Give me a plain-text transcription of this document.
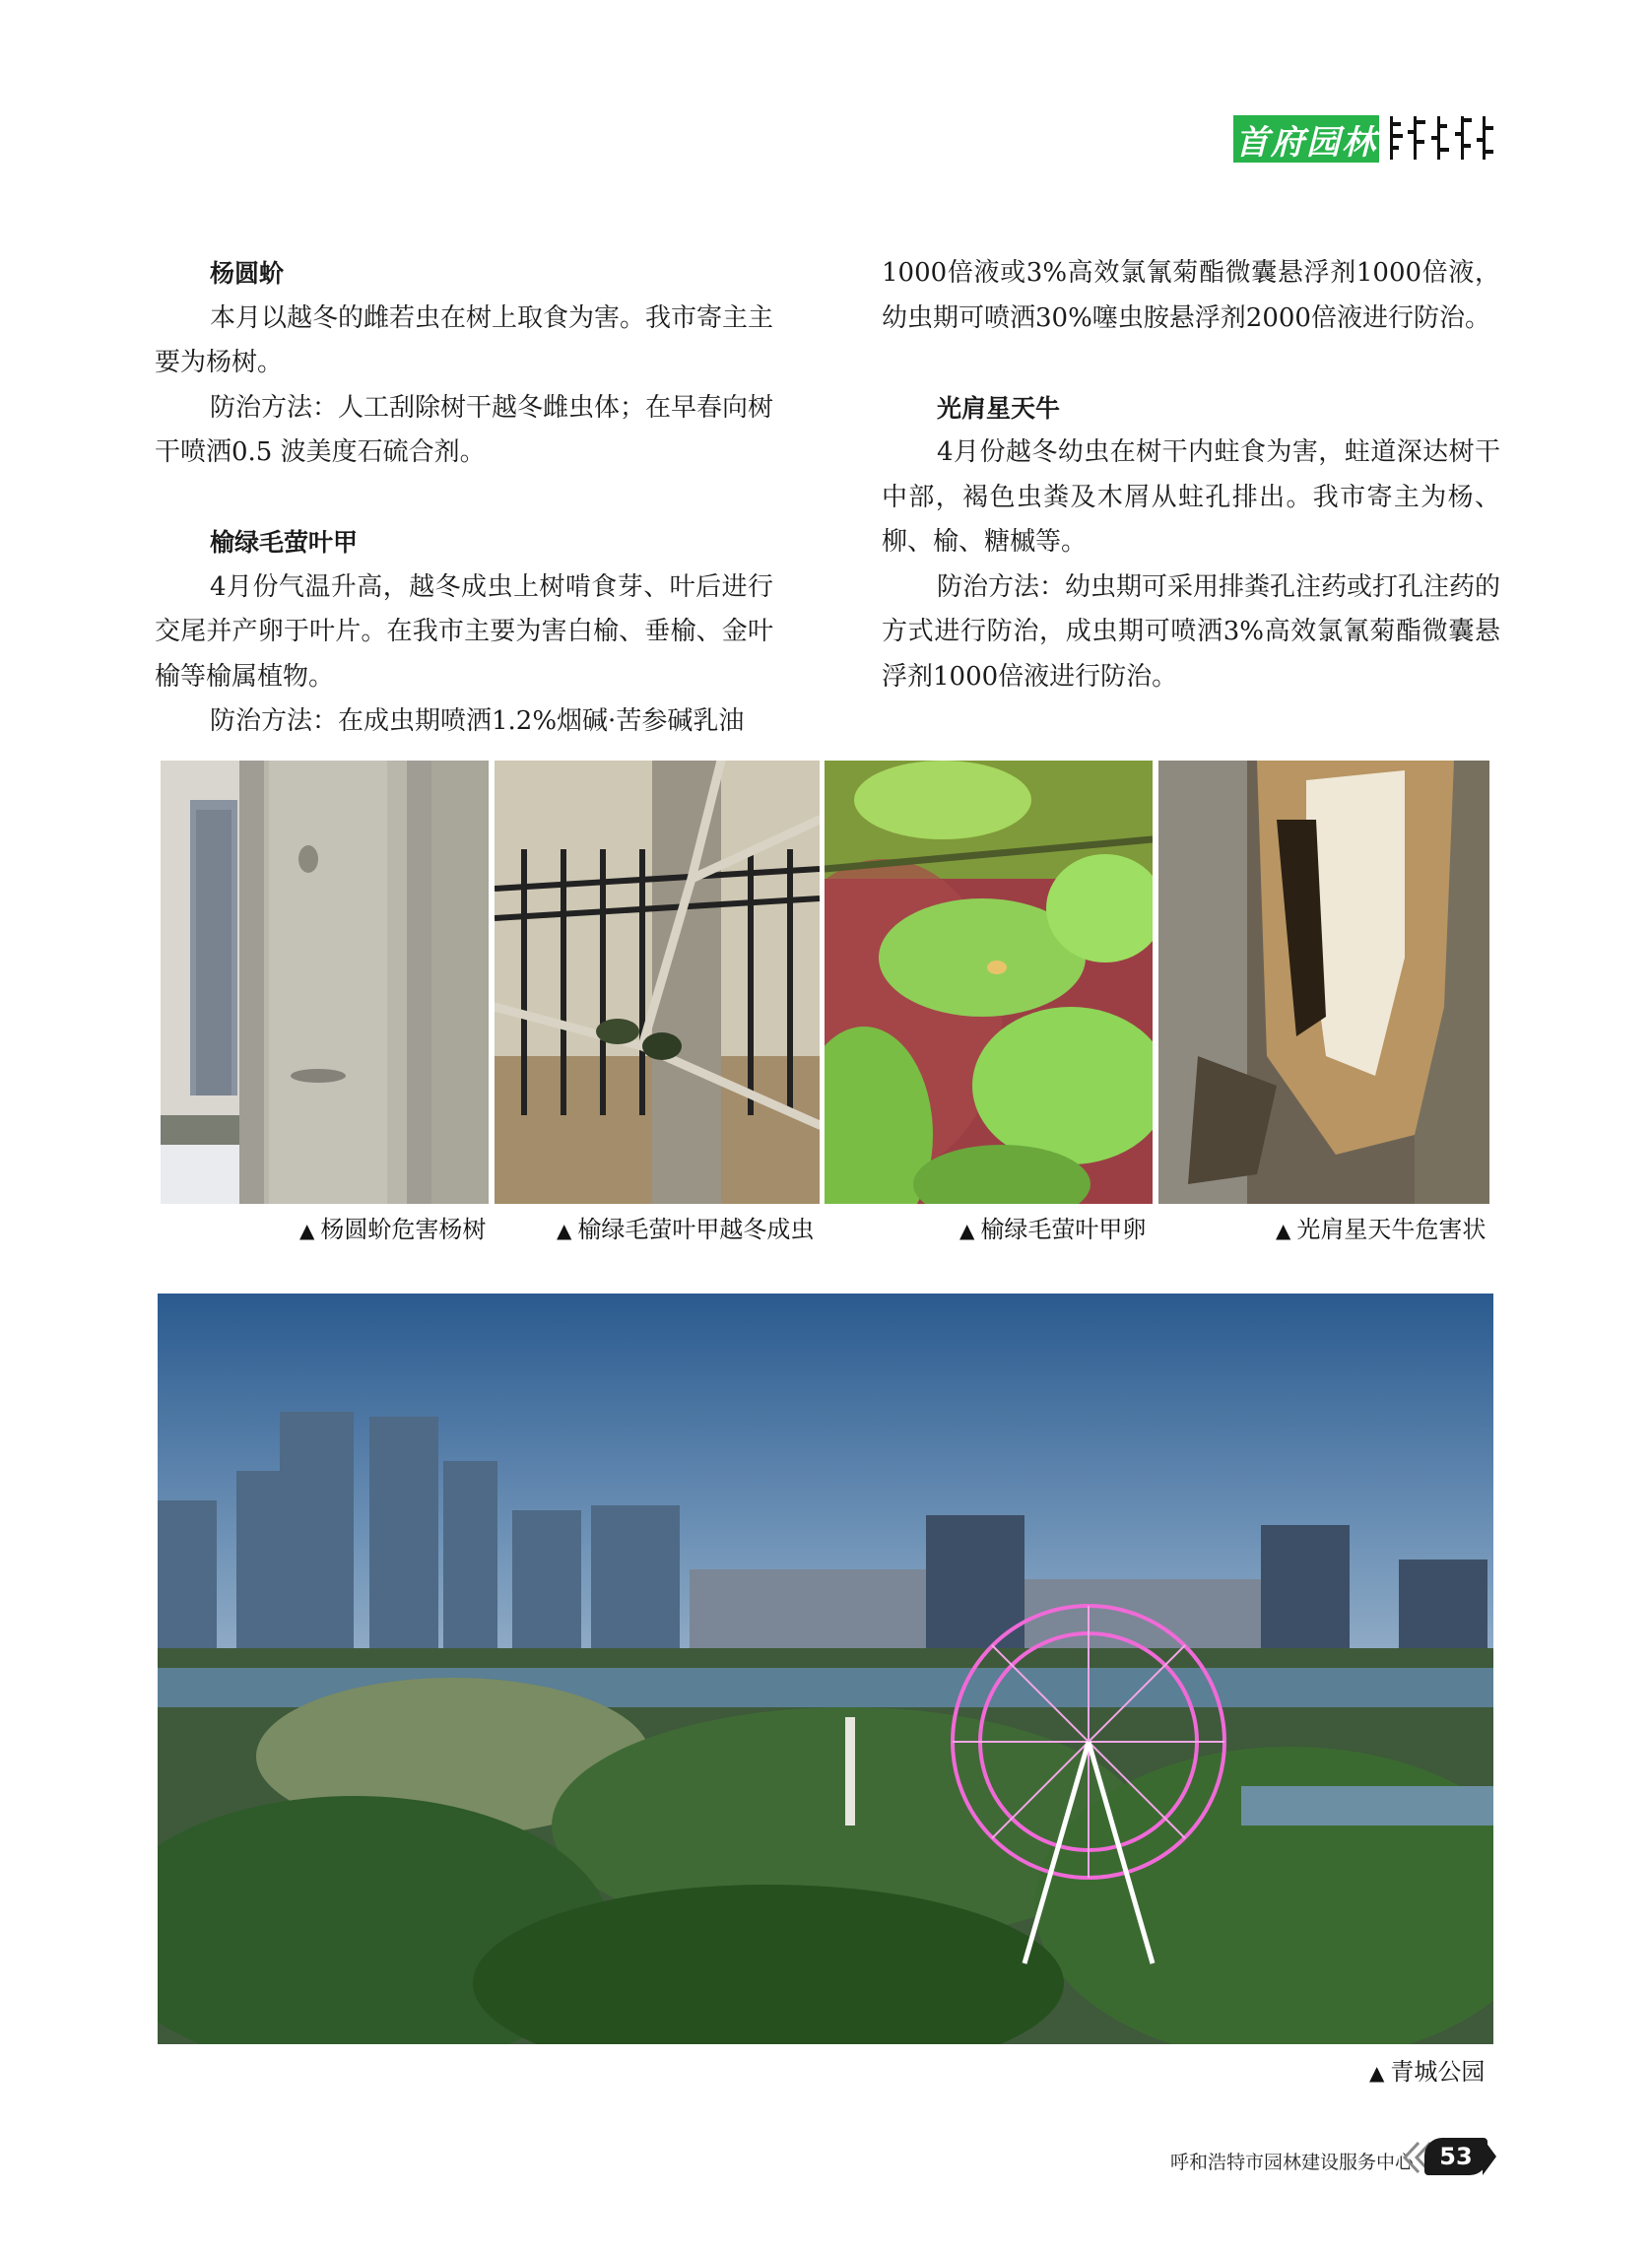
首府园林

杨圆蚧

本月以越冬的雌若虫在树上取食为害。我市寄主主要为杨树。

防治方法：人工刮除树干越冬雌虫体；在早春向树干喷洒0.5 波美度石硫合剂。

榆绿毛萤叶甲

4月份气温升高，越冬成虫上树啃食芽、叶后进行交尾并产卵于叶片。在我市主要为害白榆、垂榆、金叶榆等榆属植物。

防治方法：在成虫期喷洒1.2%烟碱·苦参碱乳油

1000倍液或3%高效氯氰菊酯微囊悬浮剂1000倍液，幼虫期可喷洒30%噻虫胺悬浮剂2000倍液进行防治。

光肩星天牛

4月份越冬幼虫在树干内蛀食为害，蛀道深达树干中部，褐色虫粪及木屑从蛀孔排出。我市寄主为杨、柳、榆、糖槭等。

防治方法：幼虫期可采用排粪孔注药或打孔注药的方式进行防治，成虫期可喷洒3%高效氯氰菊酯微囊悬浮剂1000倍液进行防治。

▲ 杨圆蚧危害杨树	▲ 榆绿毛萤叶甲越冬成虫	▲ 榆绿毛萤叶甲卵	▲ 光肩星天牛危害状
▲ 青城公园
呼和浩特市园林建设服务中心	53
